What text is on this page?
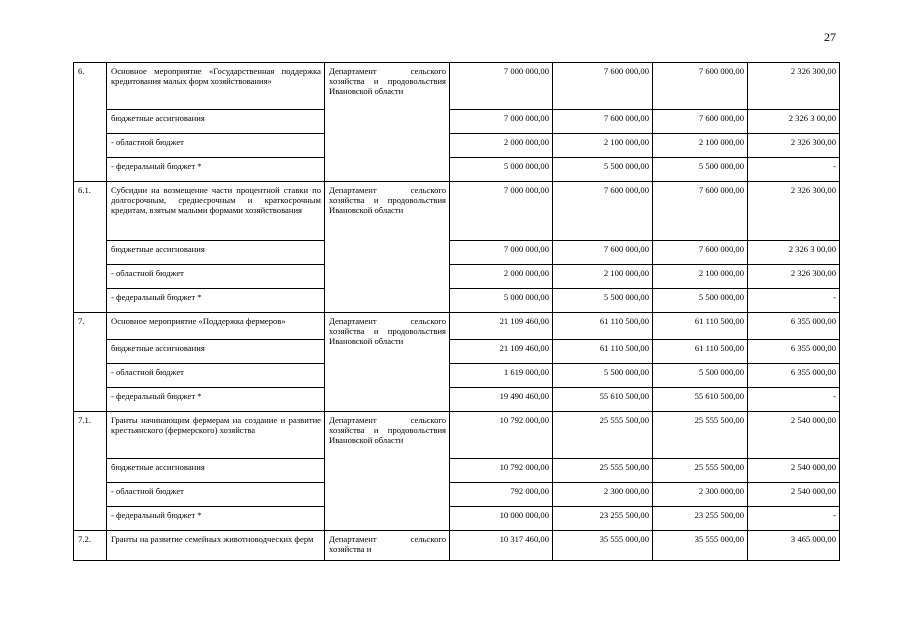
27
6.	Основное мероприятие «Государственная поддержка кредитования малых форм хозяйствования»	Департамент сельского хозяйства и продовольствия Ивановской области	7 000 000,00	7 600 000,00	7 600 000,00	2 326 300,00
	бюджетные ассигнования		7 000 000,00	7 600 000,00	7 600 000,00	2 326 3 00,00
	- областной бюджет		2 000 000,00	2 100 000,00	2 100 000,00	2 326 300,00
	- федеральный бюджет *		5 000 000,00	5 500 000,00	5 500 000,00	-
6.1.	Субсидии на возмещение части процентной ставки по долгосрочным, среднесрочным и краткосрочным кредитам, взятым малыми формами хозяйствования	Департамент сельского хозяйства и продовольствия Ивановской области	7 000 000,00	7 600 000,00	7 600 000,00	2 326 300,00
	бюджетные ассигнования		7 000 000,00	7 600 000,00	7 600 000,00	2 326 3 00,00
	- областной бюджет		2 000 000,00	2 100 000,00	2 100 000,00	2 326 300,00
	- федеральный бюджет *		5 000 000,00	5 500 000,00	5 500 000,00	-
7.	Основное мероприятие «Поддержка фермеров»	Департамент сельского хозяйства и продовольствия Ивановской области	21 109 460,00	61 110 500,00	61 110 500,00	6 355 000,00
	бюджетные ассигнования		21 109 460,00	61 110 500,00	61 110 500,00	6 355 000,00
	- областной бюджет		1 619 000,00	5 500 000,00	5 500 000,00	6 355 000,00
	- федеральный бюджет *		19 490 460,00	55 610 500,00	55 610 500,00	-
7.1.	Гранты начинающим фермерам на создание и развитие крестьянского (фермерского) хозяйства	Департамент сельского хозяйства и продовольствия Ивановской области	10 792 000,00	25 555 500,00	25 555 500,00	2 540 000,00
	бюджетные ассигнования		10 792 000,00	25 555 500,00	25 555 500,00	2 540 000,00
	- областной бюджет		792 000,00	2 300 000,00	2 300 000,00	2 540 000,00
	- федеральный бюджет *		10 000 000,00	23 255 500,00	23 255 500,00	-
7.2.	Гранты на развитие семейных животноводческих ферм	Департамент сельского хозяйства и	10 317 460,00	35 555 000,00	35 555 000,00	3 465 000,00
